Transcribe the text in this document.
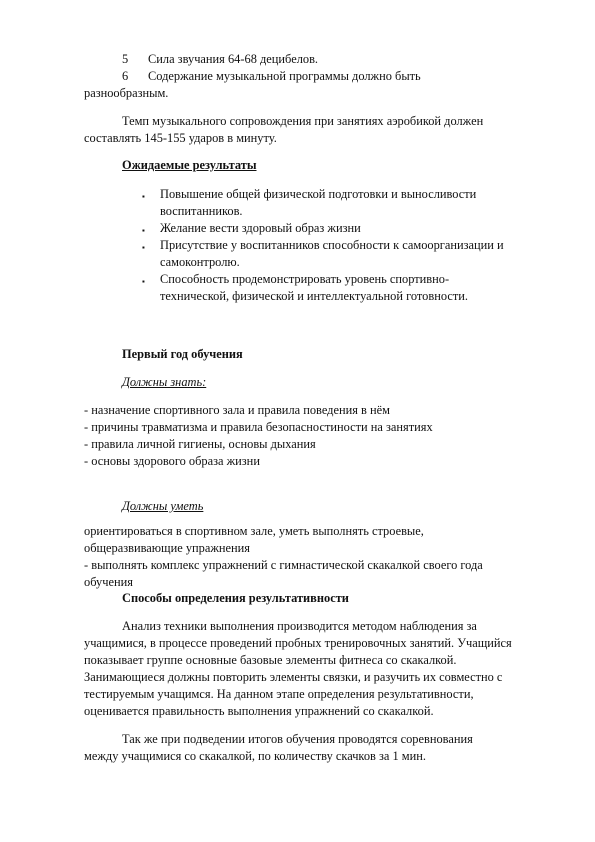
5 Сила звучания 64-68 децибелов.
6 Содержание музыкальной программы должно быть
разнообразным.
Темп музыкального сопровождения при занятиях аэробикой должен
составлять 145-155 ударов в минуту.
Ожидаемые результаты
▪ Повышение общей физической подготовки и выносливости
воспитанников.
▪ Желание вести здоровый образ жизни
▪ Присутствие у воспитанников способности к самоорганизации и
самоконтролю.
▪ Способность продемонстрировать уровень спортивно-
технической, физической и интеллектуальной готовности.
Первый год обучения
Должны знать:
- назначение спортивного зала и правила поведения в нём
- причины травматизма и правила безопасностиности на занятиях
- правила личной гигиены, основы дыхания
- основы здорового образа жизни
Должны уметь
ориентироваться в спортивном зале, уметь выполнять строевые,
общеразвивающие упражнения
- выполнять комплекс упражнений с гимнастической скакалкой своего года
обучения
Способы определения результативности
Анализ техники выполнения производится методом наблюдения за
учащимися, в процессе проведений пробных тренировочных занятий. Учащийся
показывает группе основные базовые элементы фитнеса со скакалкой.
Занимающиеся должны повторить элементы связки, и разучить их совместно с
тестируемым учащимся. На данном этапе определения результативности,
оценивается правильность выполнения упражнений со скакалкой.
Так же при подведении итогов обучения проводятся соревнования
между учащимися со скакалкой, по количеству скачков за 1 мин.
